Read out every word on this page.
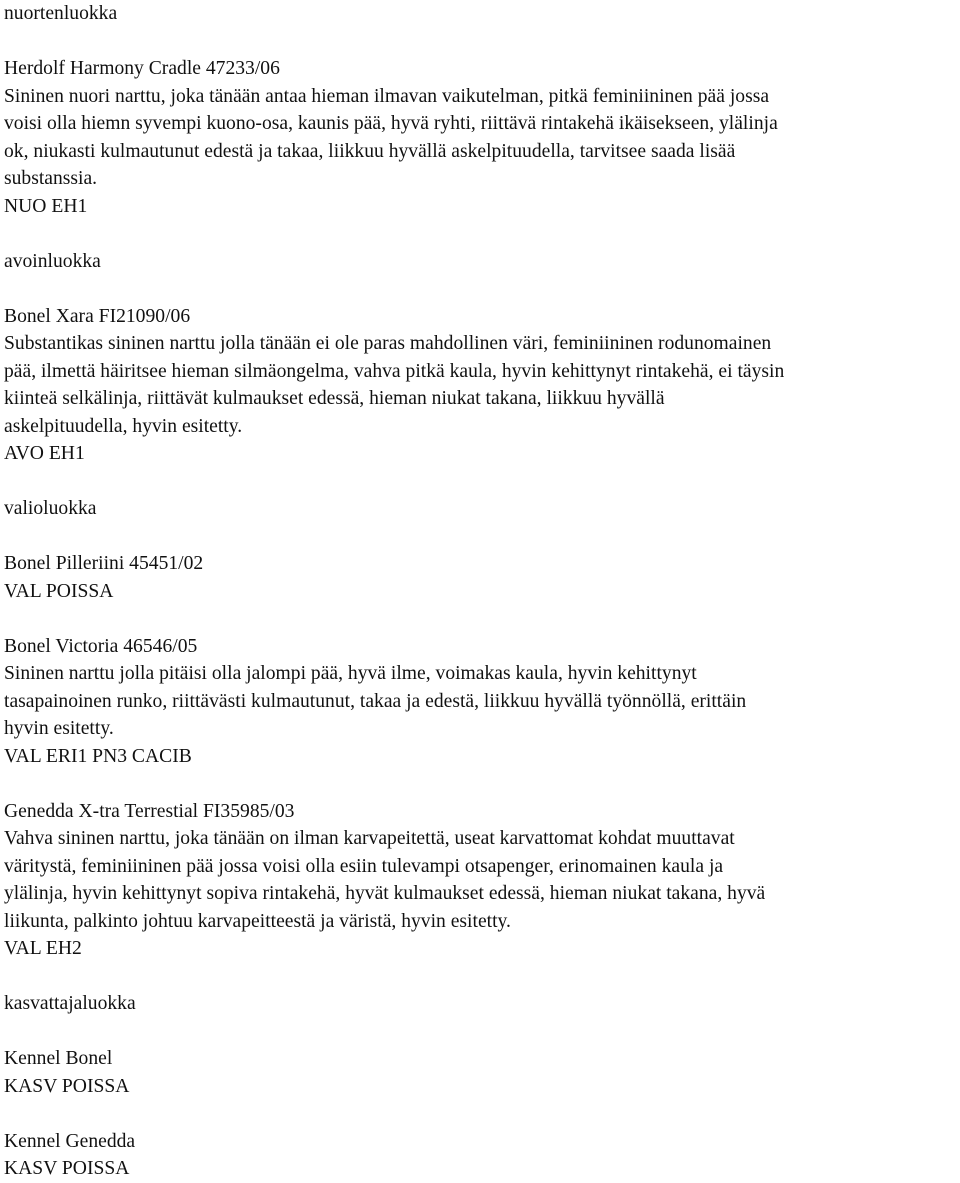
nuortenluokka
Herdolf Harmony Cradle 47233/06
Sininen nuori narttu, joka tänään antaa hieman ilmavan vaikutelman, pitkä feminiininen pää jossa
voisi olla hiemn syvempi kuono-osa, kaunis pää, hyvä ryhti, riittävä rintakehä ikäisekseen, ylälinja
ok, niukasti kulmautunut edestä ja takaa, liikkuu hyvällä askelpituudella, tarvitsee saada lisää
substanssia.
NUO EH1
avoinluokka
Bonel Xara FI21090/06
Substantikas sininen narttu jolla tänään ei ole paras mahdollinen väri, feminiininen rodunomainen
pää, ilmettä häiritsee hieman silmäongelma, vahva pitkä kaula, hyvin kehittynyt rintakehä, ei täysin
kiinteä selkälinja, riittävät kulmaukset edessä, hieman niukat takana, liikkuu hyvällä
askelpituudella, hyvin esitetty.
AVO EH1
valioluokka
Bonel Pilleriini 45451/02
VAL POISSA
Bonel Victoria 46546/05
Sininen narttu jolla pitäisi olla jalompi pää, hyvä ilme, voimakas kaula, hyvin kehittynyt
tasapainoinen runko, riittävästi kulmautunut, takaa ja edestä, liikkuu hyvällä työnnöllä, erittäin
hyvin esitetty.
VAL ERI1 PN3 CACIB
Genedda X-tra Terrestial FI35985/03
Vahva sininen narttu, joka tänään on ilman karvapeitettä, useat karvattomat kohdat muuttavat
väritystä, feminiininen pää jossa voisi olla esiin tulevampi otsapenger, erinomainen kaula ja
ylälinja, hyvin kehittynyt sopiva rintakehä, hyvät kulmaukset edessä, hieman niukat takana, hyvä
liikunta, palkinto johtuu karvapeitteestä ja väristä, hyvin esitetty.
VAL EH2
kasvattajaluokka
Kennel Bonel
KASV POISSA
Kennel Genedda
KASV POISSA
